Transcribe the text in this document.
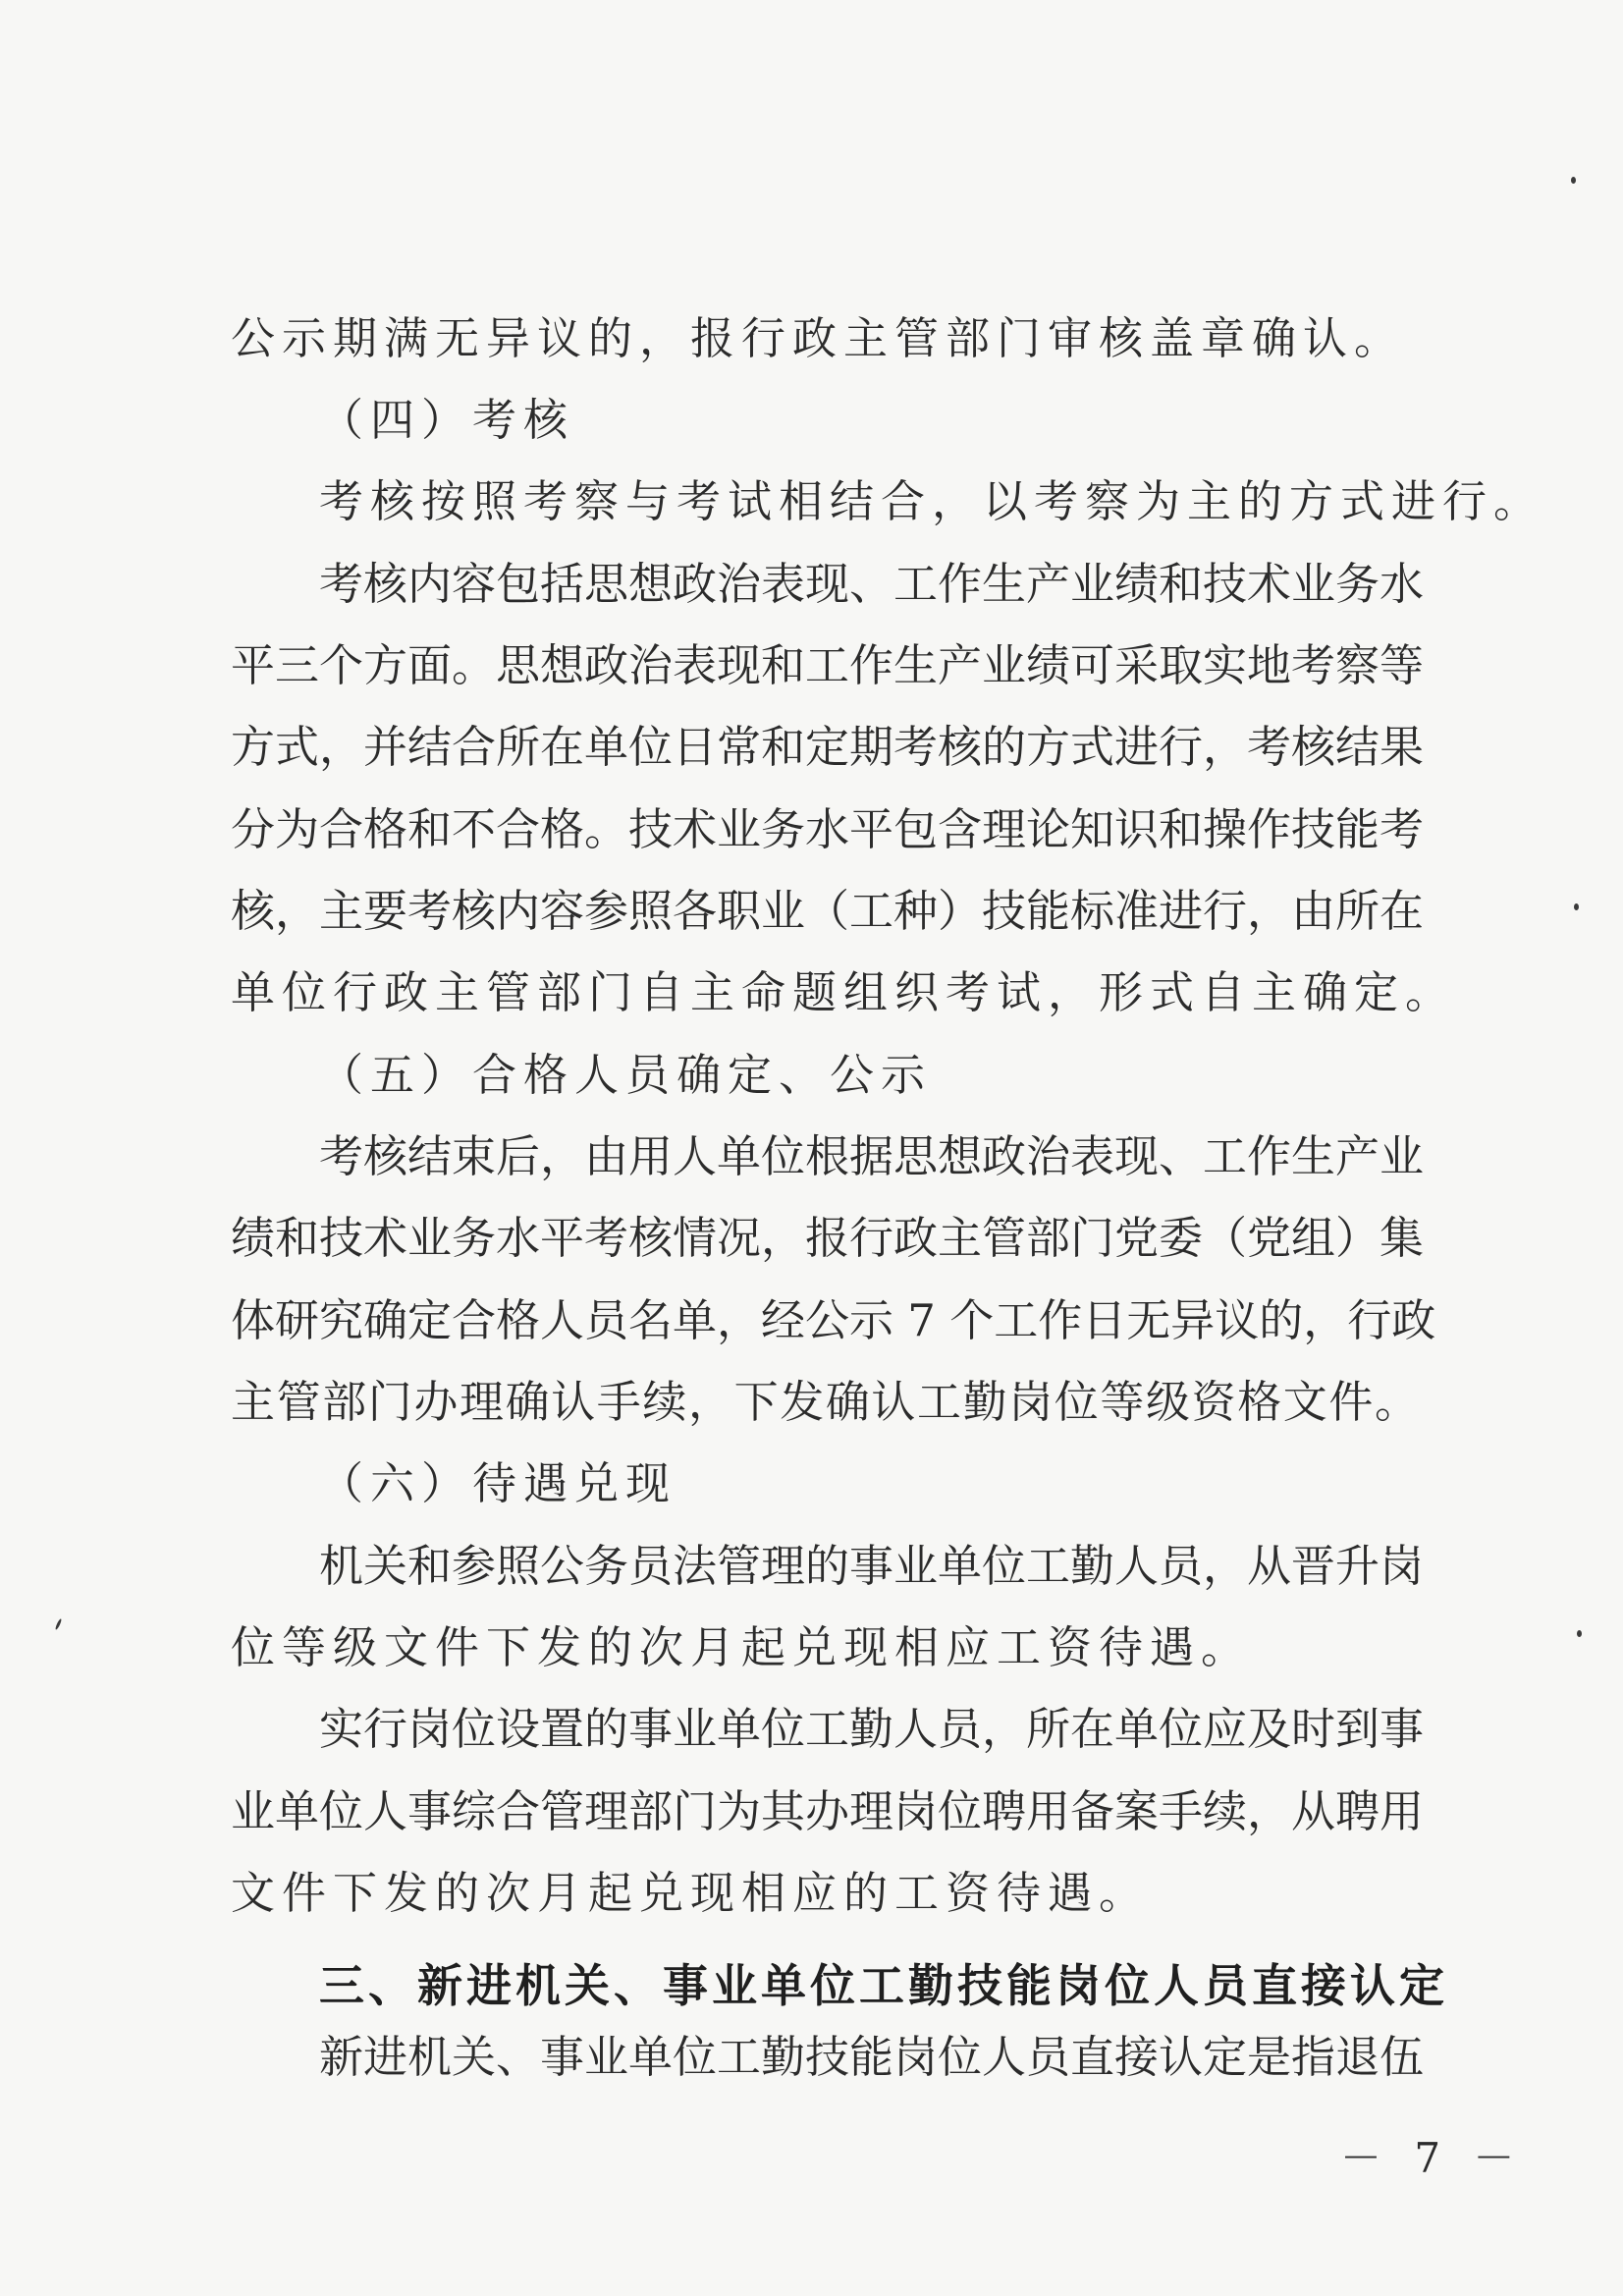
公示期满无异议的，报行政主管部门审核盖章确认。
（四）考核
考核按照考察与考试相结合，以考察为主的方式进行。
考核内容包括思想政治表现、工作生产业绩和技术业务水
平三个方面。思想政治表现和工作生产业绩可采取实地考察等
方式，并结合所在单位日常和定期考核的方式进行，考核结果
分为合格和不合格。技术业务水平包含理论知识和操作技能考
核，主要考核内容参照各职业（工种）技能标准进行，由所在
单位行政主管部门自主命题组织考试，形式自主确定。
（五）合格人员确定、公示
考核结束后，由用人单位根据思想政治表现、工作生产业
绩和技术业务水平考核情况，报行政主管部门党委（党组）集
体研究确定合格人员名单，经公示 7 个工作日无异议的，行政
主管部门办理确认手续，下发确认工勤岗位等级资格文件。
（六）待遇兑现
机关和参照公务员法管理的事业单位工勤人员，从晋升岗
位等级文件下发的次月起兑现相应工资待遇。
实行岗位设置的事业单位工勤人员，所在单位应及时到事
业单位人事综合管理部门为其办理岗位聘用备案手续，从聘用
文件下发的次月起兑现相应的工资待遇。
三、新进机关、事业单位工勤技能岗位人员直接认定
新进机关、事业单位工勤技能岗位人员直接认定是指退伍
－ 7 －
